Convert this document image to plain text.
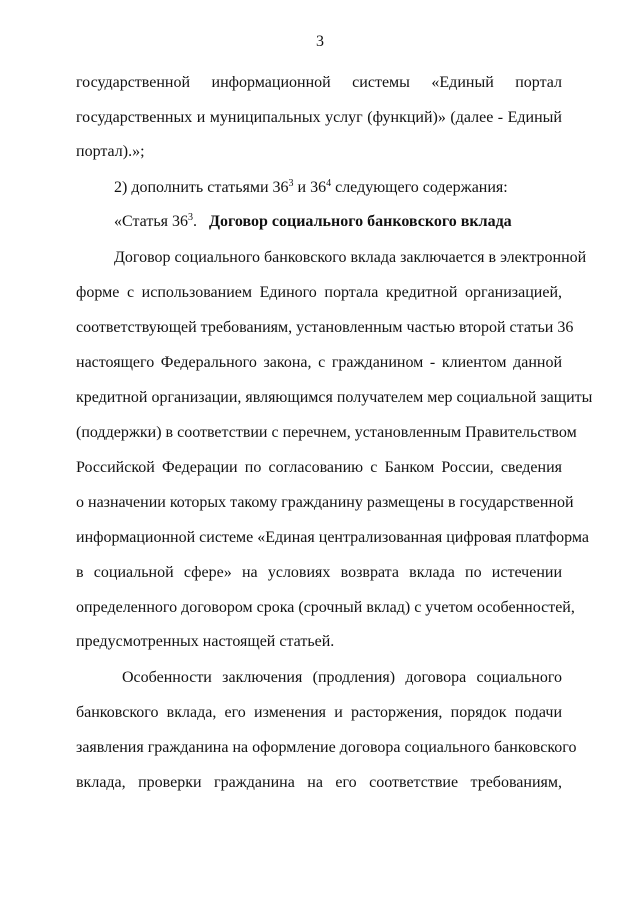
3
государственной информационной системы «Единый портал
государственных и муниципальных услуг (функций)» (далее - Единый
портал).»;
2) дополнить статьями $36^3$ и $36^4$ следующего содержания:
«Статья $36^3$. Договор социального банковского вклада
Договор социального банковского вклада заключается в электронной
форме с использованием Единого портала кредитной организацией,
соответствующей требованиям, установленным частью второй статьи 36
настоящего Федерального закона, с гражданином - клиентом данной
кредитной организации, являющимся получателем мер социальной защиты
(поддержки) в соответствии с перечнем, установленным Правительством
Российской Федерации по согласованию с Банком России, сведения
о назначении которых такому гражданину размещены в государственной
информационной системе «Единая централизованная цифровая платформа
в социальной сфере» на условиях возврата вклада по истечении
определенного договором срока (срочный вклад) с учетом особенностей,
предусмотренных настоящей статьей.
Особенности заключения (продления) договора социального
банковского вклада, его изменения и расторжения, порядок подачи
заявления гражданина на оформление договора социального банковского
вклада, проверки гражданина на его соответствие требованиям,
